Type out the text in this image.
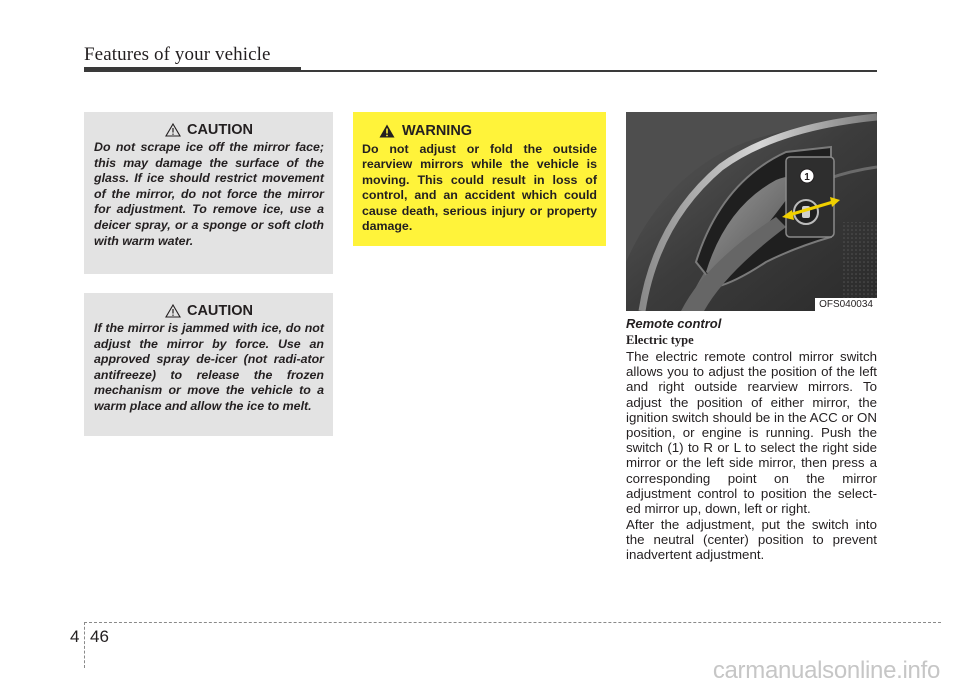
Features of your vehicle
CAUTION
Do not scrape ice off the mirror face; this may damage the surface of the glass. If ice should restrict movement of the mirror, do not force the mirror for adjustment. To remove ice, use a deicer spray, or a sponge or soft cloth with warm water.
CAUTION
If the mirror is jammed with ice, do not adjust the mirror by force. Use an approved spray de-icer (not radi-ator antifreeze) to release the frozen mechanism or move the vehicle to a warm place and allow the ice to melt.
WARNING
Do not adjust or fold the outside rearview mirrors while the vehicle is moving. This could result in loss of control, and an accident which could cause death, serious injury or property damage.
1
OFS040034
Remote control
Electric type
The electric remote control mirror switch allows you to adjust the position of the left and right outside rearview mirrors. To adjust the position of either mirror, the ignition switch should be in the ACC or ON position, or engine is running. Push the switch (1) to R or L to select the right side mirror or the left side mirror, then press a corresponding point on the mirror adjustment control to position the select-ed mirror up, down, left or right.
After the adjustment, put the switch into the neutral (center) position to prevent inadvertent adjustment.
4 46
carmanualsonline.info
